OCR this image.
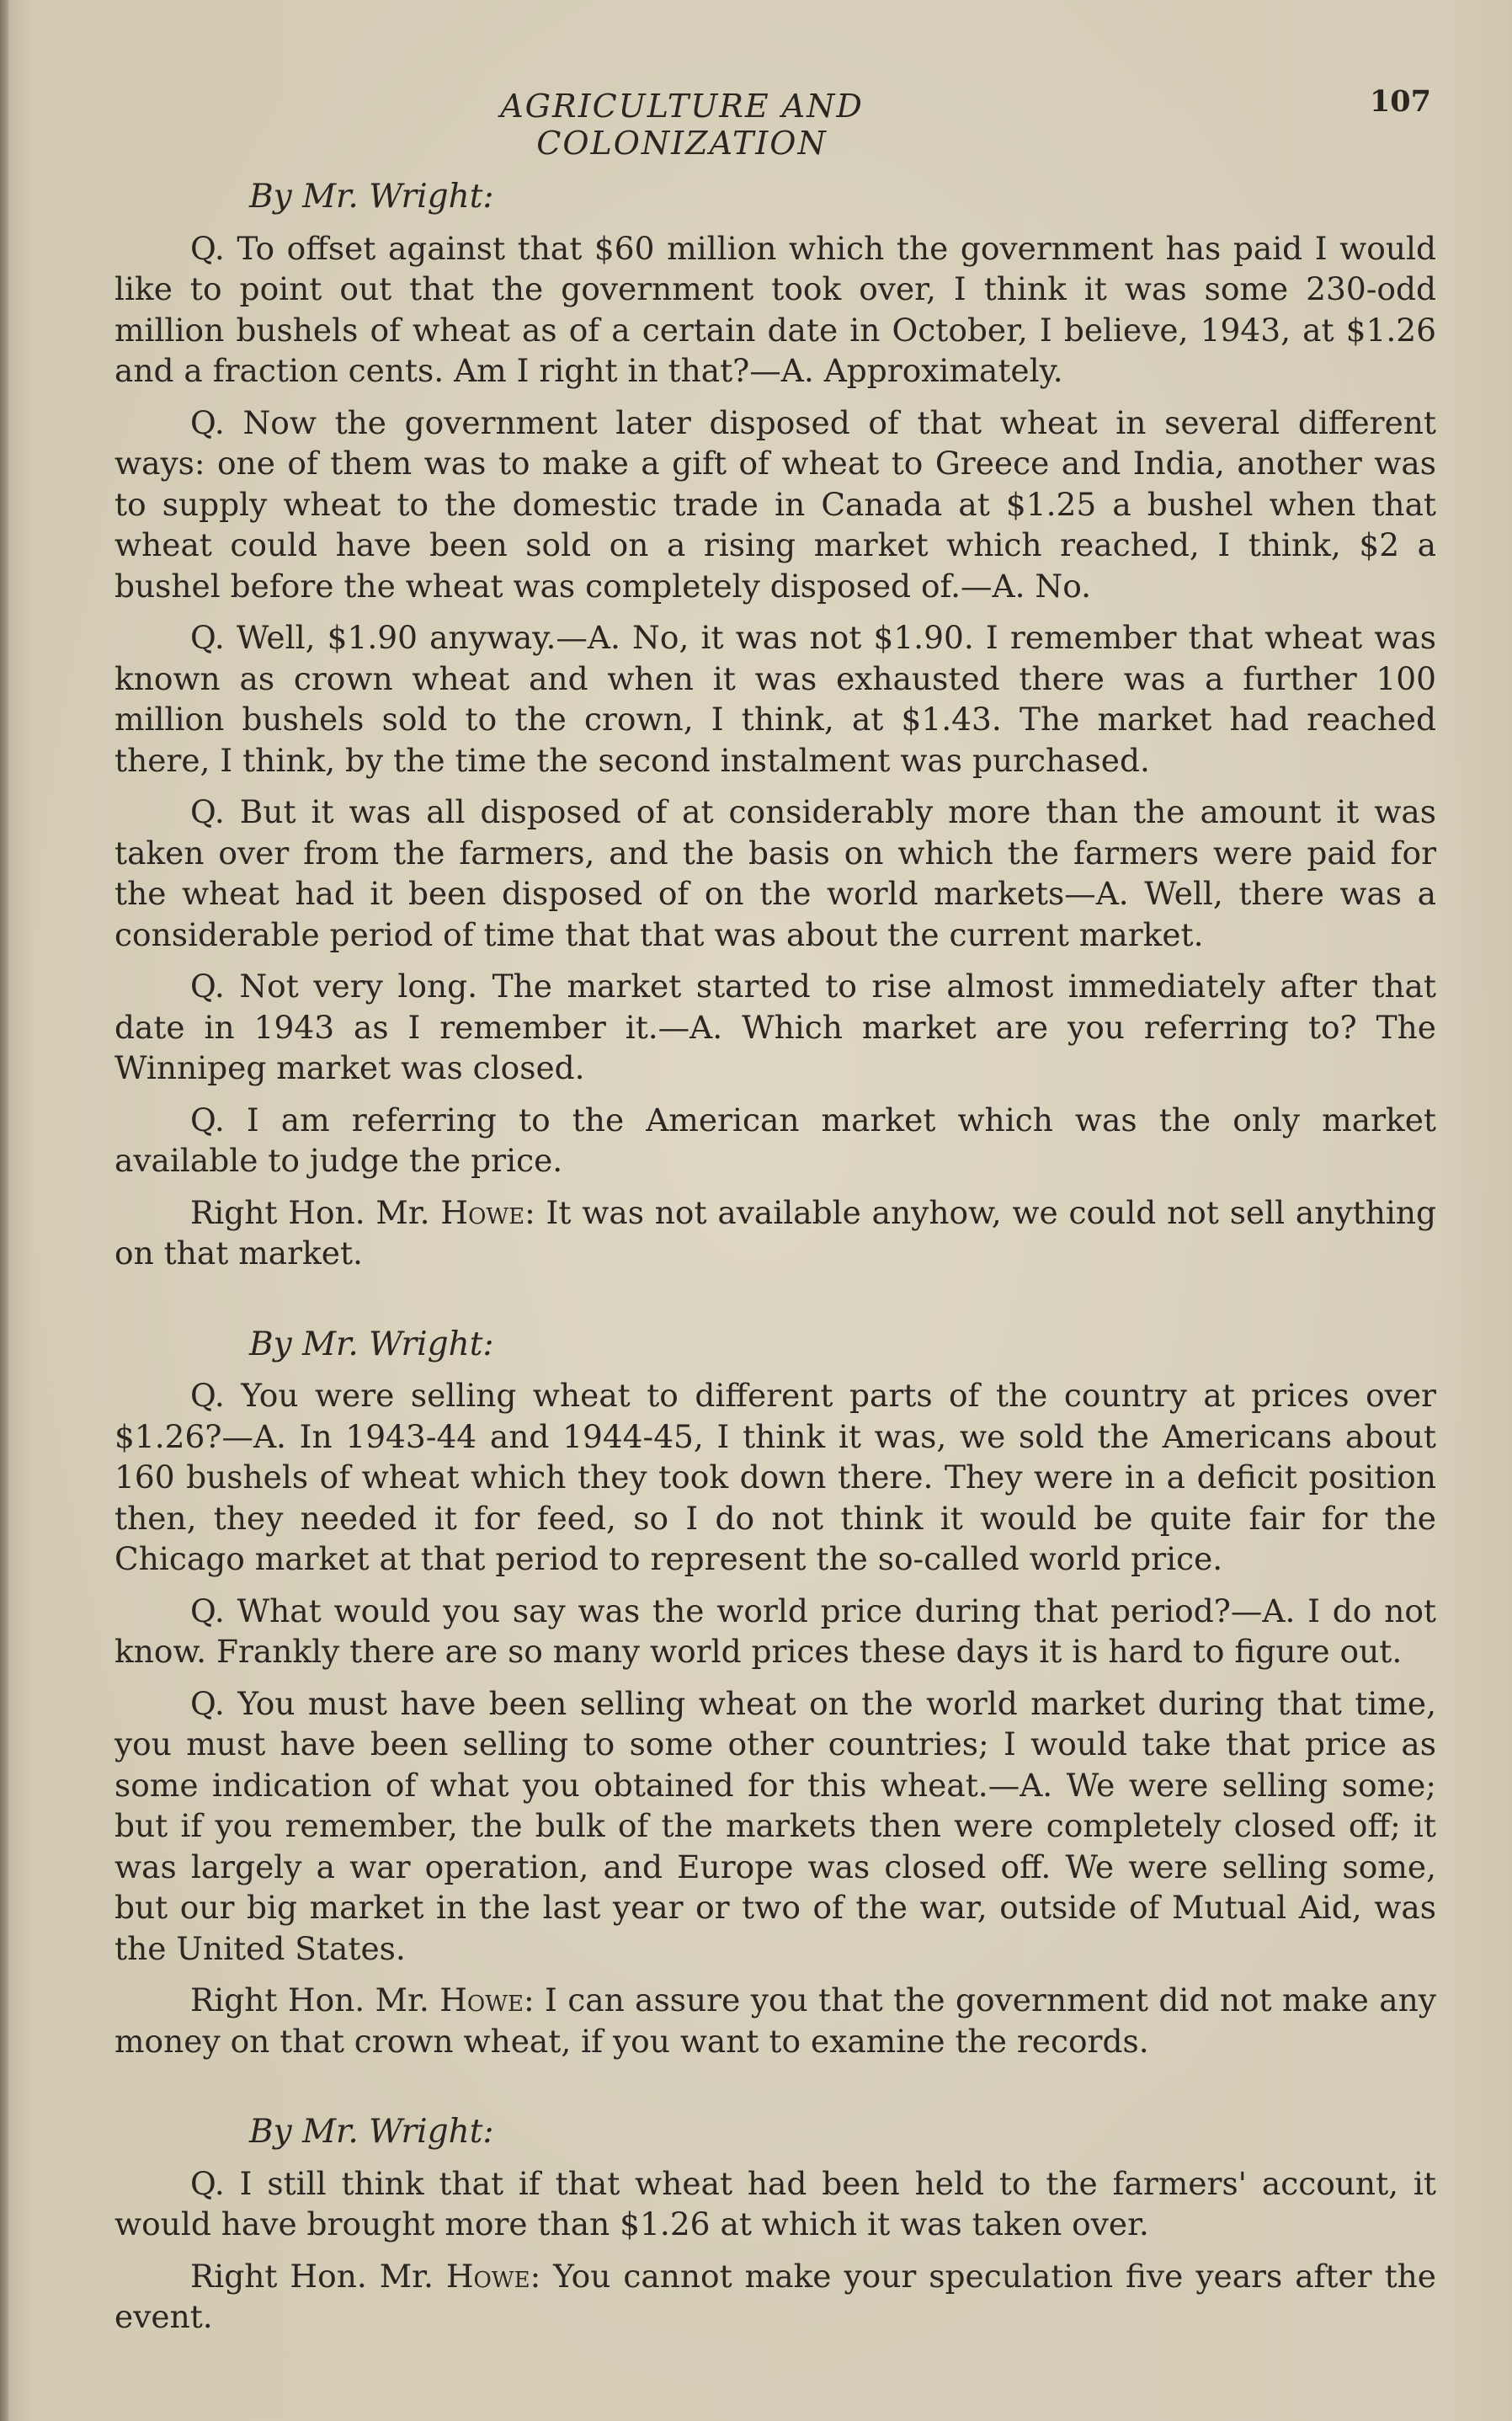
AGRICULTURE AND COLONIZATION
107
By Mr. Wright:

Q. To offset against that $60 million which the government has paid I would like to point out that the government took over, I think it was some 230-odd million bushels of wheat as of a certain date in October, I believe, 1943, at $1.26 and a fraction cents. Am I right in that?—A. Approximately.

Q. Now the government later disposed of that wheat in several different ways: one of them was to make a gift of wheat to Greece and India, another was to supply wheat to the domestic trade in Canada at $1.25 a bushel when that wheat could have been sold on a rising market which reached, I think, $2 a bushel before the wheat was completely disposed of.—A. No.

Q. Well, $1.90 anyway.—A. No, it was not $1.90. I remember that wheat was known as crown wheat and when it was exhausted there was a further 100 million bushels sold to the crown, I think, at $1.43. The market had reached there, I think, by the time the second instalment was purchased.

Q. But it was all disposed of at considerably more than the amount it was taken over from the farmers, and the basis on which the farmers were paid for the wheat had it been disposed of on the world markets—A. Well, there was a considerable period of time that that was about the current market.

Q. Not very long. The market started to rise almost immediately after that date in 1943 as I remember it.—A. Which market are you referring to? The Winnipeg market was closed.

Q. I am referring to the American market which was the only market available to judge the price.

Right Hon. Mr. Howe: It was not available anyhow, we could not sell anything on that market.

By Mr. Wright:

Q. You were selling wheat to different parts of the country at prices over $1.26?—A. In 1943-44 and 1944-45, I think it was, we sold the Americans about 160 bushels of wheat which they took down there. They were in a deficit position then, they needed it for feed, so I do not think it would be quite fair for the Chicago market at that period to represent the so-called world price.

Q. What would you say was the world price during that period?—A. I do not know. Frankly there are so many world prices these days it is hard to figure out.

Q. You must have been selling wheat on the world market during that time, you must have been selling to some other countries; I would take that price as some indication of what you obtained for this wheat.—A. We were selling some; but if you remember, the bulk of the markets then were completely closed off; it was largely a war operation, and Europe was closed off. We were selling some, but our big market in the last year or two of the war, outside of Mutual Aid, was the United States.

Right Hon. Mr. Howe: I can assure you that the government did not make any money on that crown wheat, if you want to examine the records.

By Mr. Wright:

Q. I still think that if that wheat had been held to the farmers' account, it would have brought more than $1.26 at which it was taken over.

Right Hon. Mr. Howe: You cannot make your speculation five years after the event.
